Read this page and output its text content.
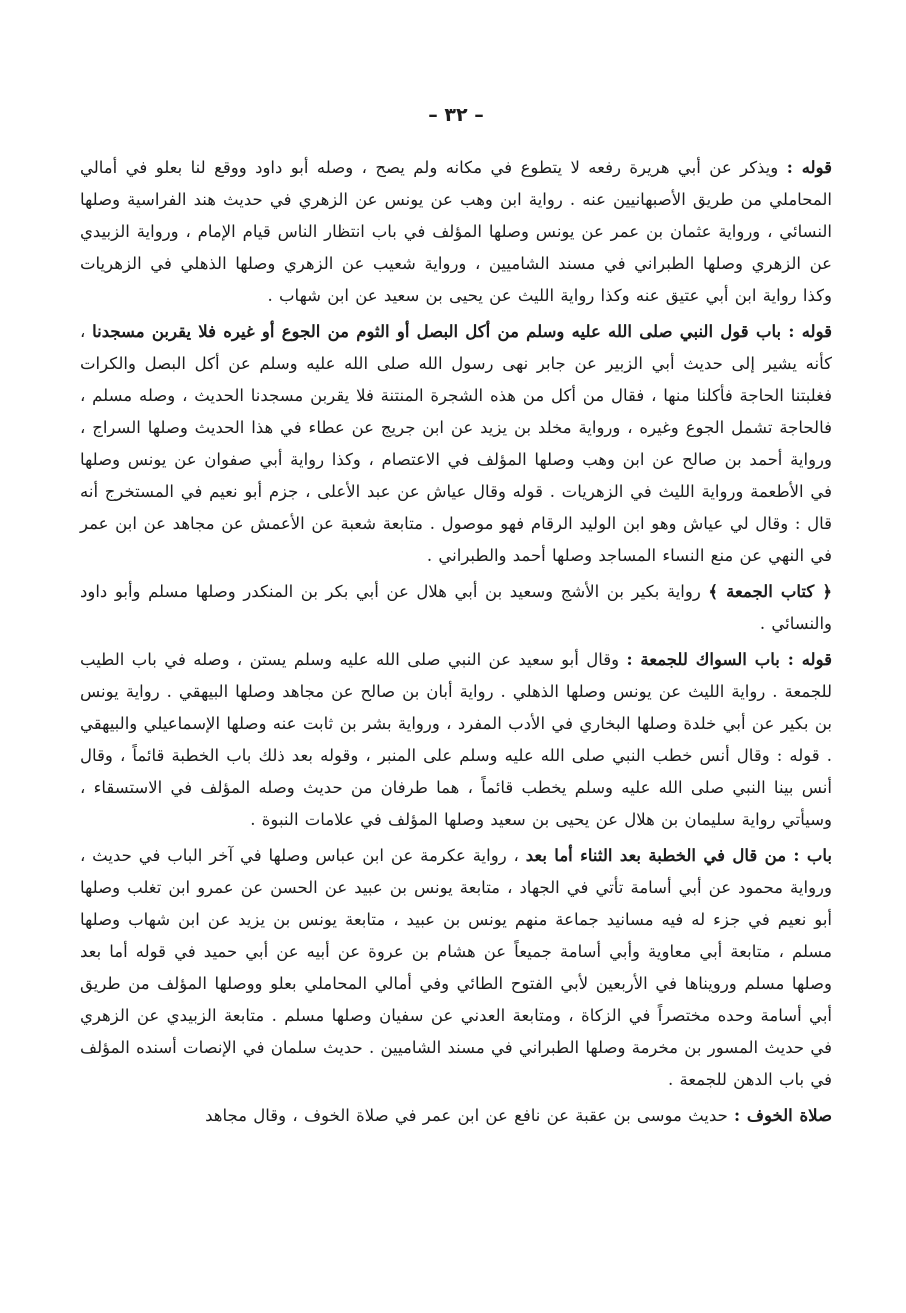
– ٣٢ –

قوله : ويذكر عن أبي هريرة رفعه لا يتطوع في مكانه ولم يصح ، وصله أبو داود ووقع لنا بعلو في أمالي المحاملي من طريق الأصبهانيين عنه . رواية ابن وهب عن يونس عن الزهري في حديث هند الفراسية وصلها النسائي ، ورواية عثمان بن عمر عن يونس وصلها المؤلف في باب انتظار الناس قيام الإمام ، ورواية الزبيدي عن الزهري وصلها الطبراني في مسند الشاميين ، ورواية شعيب عن الزهري وصلها الذهلي في الزهريات وكذا رواية ابن أبي عتيق عنه وكذا رواية الليث عن يحيى بن سعيد عن ابن شهاب .

قوله : باب قول النبي صلى الله عليه وسلم من أكل البصل أو الثوم من الجوع أو غيره فلا يقربن مسجدنا ، كأنه يشير إلى حديث أبي الزبير عن جابر نهى رسول الله صلى الله عليه وسلم عن أكل البصل والكرات فغلبتنا الحاجة فأكلنا منها ، فقال من أكل من هذه الشجرة المنتنة فلا يقربن مسجدنا الحديث ، وصله مسلم ، فالحاجة تشمل الجوع وغيره ، ورواية مخلد بن يزيد عن ابن جريج عن عطاء في هذا الحديث وصلها السراج ، ورواية أحمد بن صالح عن ابن وهب وصلها المؤلف في الاعتصام ، وكذا رواية أبي صفوان عن يونس وصلها في الأطعمة ورواية الليث في الزهريات . قوله وقال عياش عن عبد الأعلى ، جزم أبو نعيم في المستخرج أنه قال : وقال لي عياش وهو ابن الوليد الرقام فهو موصول . متابعة شعبة عن الأعمش عن مجاهد عن ابن عمر في النهي عن منع النساء المساجد وصلها أحمد والطبراني .

﴿ كتاب الجمعة ﴾ رواية بكير بن الأشج وسعيد بن أبي هلال عن أبي بكر بن المنكدر وصلها مسلم وأبو داود والنسائي .

قوله : باب السواك للجمعة : وقال أبو سعيد عن النبي صلى الله عليه وسلم يستن ، وصله في باب الطيب للجمعة . رواية الليث عن يونس وصلها الذهلي . رواية أبان بن صالح عن مجاهد وصلها البيهقي . رواية يونس بن بكير عن أبي خلدة وصلها البخاري في الأدب المفرد ، ورواية بشر بن ثابت عنه وصلها الإسماعيلي والبيهقي . قوله : وقال أنس خطب النبي صلى الله عليه وسلم على المنبر ، وقوله بعد ذلك باب الخطبة قائماً ، وقال أنس بينا النبي صلى الله عليه وسلم يخطب قائماً ، هما طرفان من حديث وصله المؤلف في الاستسقاء ، وسيأتي رواية سليمان بن هلال عن يحيى بن سعيد وصلها المؤلف في علامات النبوة .

باب : من قال في الخطبة بعد الثناء أما بعد ، رواية عكرمة عن ابن عباس وصلها في آخر الباب في حديث ، ورواية محمود عن أبي أسامة تأتي في الجهاد ، متابعة يونس بن عبيد عن الحسن عن عمرو ابن تغلب وصلها أبو نعيم في جزء له فيه مسانيد جماعة منهم يونس بن عبيد ، متابعة يونس بن يزيد عن ابن شهاب وصلها مسلم ، متابعة أبي معاوية وأبي أسامة جميعاً عن هشام بن عروة عن أبيه عن أبي حميد في قوله أما بعد وصلها مسلم ورويناها في الأربعين لأبي الفتوح الطائي وفي أمالي المحاملي بعلو ووصلها المؤلف من طريق أبي أسامة وحده مختصراً في الزكاة ، ومتابعة العدني عن سفيان وصلها مسلم . متابعة الزبيدي عن الزهري في حديث المسور بن مخرمة وصلها الطبراني في مسند الشاميين . حديث سلمان في الإنصات أسنده المؤلف في باب الدهن للجمعة .

صلاة الخوف : حديث موسى بن عقبة عن نافع عن ابن عمر في صلاة الخوف ، وقال مجاهد
